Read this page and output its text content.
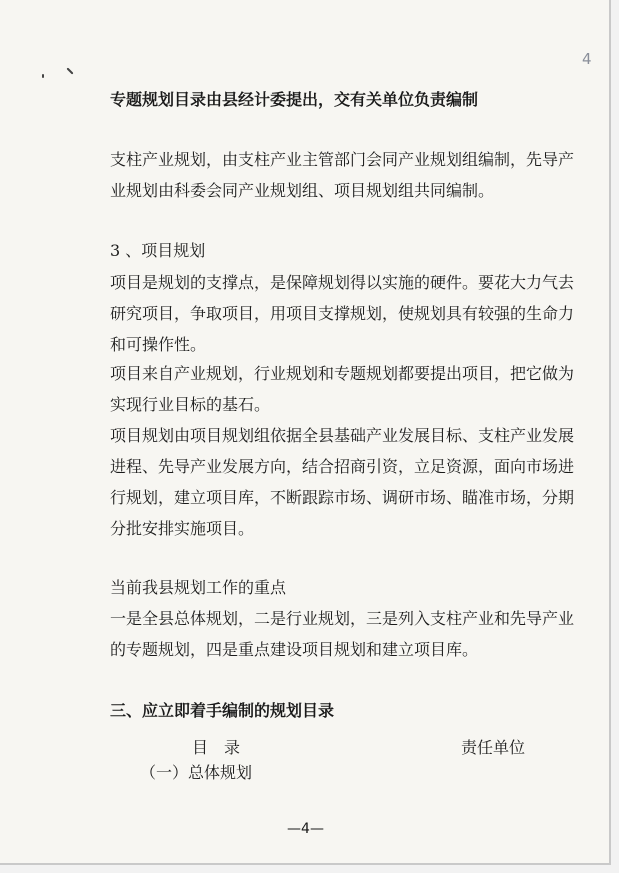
4

专题规划目录由县经计委提出，交有关单位负责编制

支柱产业规划，由支柱产业主管部门会同产业规划组编制，先导产业规划由科委会同产业规划组、项目规划组共同编制。

3 、项目规划

项目是规划的支撑点，是保障规划得以实施的硬件。要花大力气去研究项目，争取项目，用项目支撑规划，使规划具有较强的生命力和可操作性。

项目来自产业规划，行业规划和专题规划都要提出项目，把它做为实现行业目标的基石。

项目规划由项目规划组依据全县基础产业发展目标、支柱产业发展进程、先导产业发展方向，结合招商引资，立足资源，面向市场进行规划，建立项目库，不断跟踪市场、调研市场、瞄准市场，分期分批安排实施项目。

当前我县规划工作的重点

一是全县总体规划，二是行业规划，三是列入支柱产业和先导产业的专题规划，四是重点建设项目规划和建立项目库。

三、应立即着手编制的规划目录

目　录	责任单位
（一）总体规划
—4—
